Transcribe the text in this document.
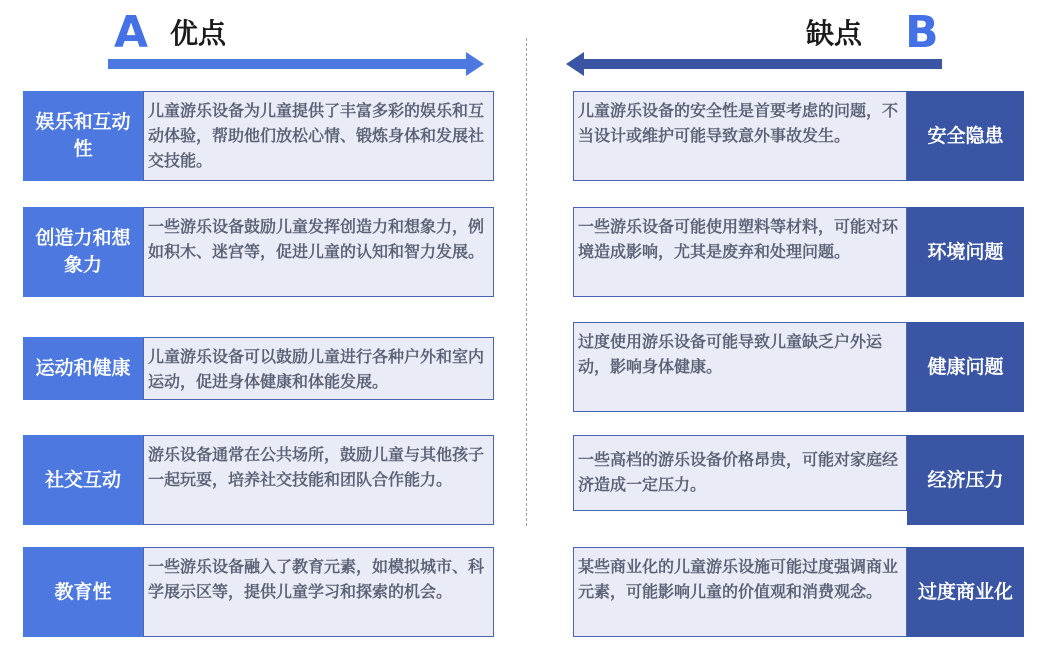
A 优点	缺点 B
娱乐和互动性
儿童游乐设备为儿童提供了丰富多彩的娱乐和互动体验，帮助他们放松心情、锻炼身体和发展社交技能。
创造力和想象力
一些游乐设备鼓励儿童发挥创造力和想象力，例如积木、迷宫等，促进儿童的认知和智力发展。
运动和健康
儿童游乐设备可以鼓励儿童进行各种户外和室内运动，促进身体健康和体能发展。
社交互动
游乐设备通常在公共场所，鼓励儿童与其他孩子一起玩耍，培养社交技能和团队合作能力。
教育性
一些游乐设备融入了教育元素，如模拟城市、科学展示区等，提供儿童学习和探索的机会。
儿童游乐设备的安全性是首要考虑的问题，不当设计或维护可能导致意外事故发生。	安全隐患
一些游乐设备可能使用塑料等材料，可能对环境造成影响，尤其是废弃和处理问题。	环境问题
过度使用游乐设备可能导致儿童缺乏户外运动，影响身体健康。	健康问题
一些高档的游乐设备价格昂贵，可能对家庭经济造成一定压力。	经济压力
某些商业化的儿童游乐设施可能过度强调商业元素，可能影响儿童的价值观和消费观念。	过度商业化
